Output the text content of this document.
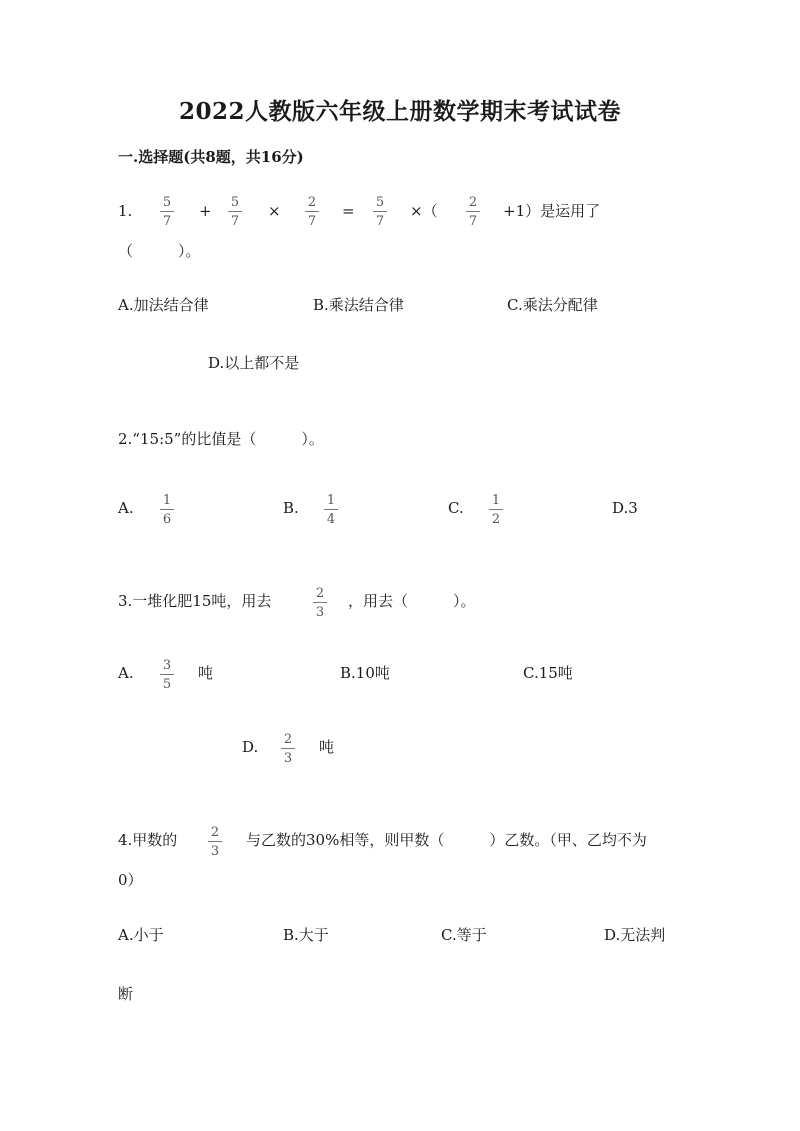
2022人教版六年级上册数学期末考试试卷
一.选择题(共8题，共16分)
1. 5
7
+ 5
7
× 2
7
= 5
7
×（ 2
7
+1）是运用了
（　　　）。
A.加法结合律	B.乘法结合律	C.乘法分配律
D.以上都不是
2.“15:5”的比值是（　　　）。
A. 1
6
B. 1
4
C. 1
2
D.3
3.一堆化肥15吨，用去	2
3
，用去（　　　）。
A. 3
5
吨	B.10吨	C.15吨
D. 2
3
吨
4.甲数的	2
3
与乙数的30%相等，则甲数（　　　）乙数。（甲、乙均不为
0）
A.小于	B.大于	C.等于	D.无法判
断
